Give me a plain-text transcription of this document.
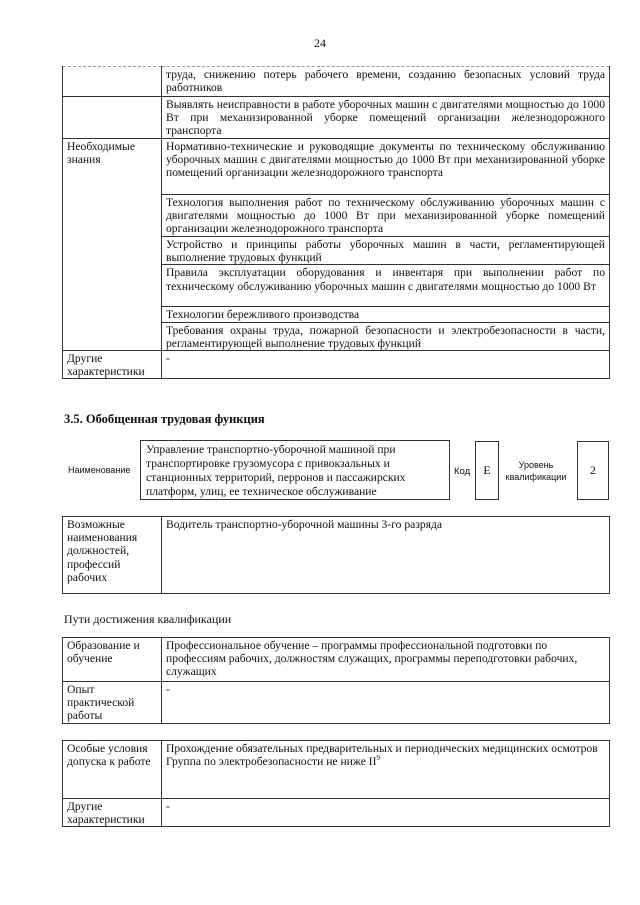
24
	труда, снижению потерь рабочего времени, созданию безопасных условий труда работников
	Выявлять неисправности в работе уборочных машин с двигателями мощностью до 1000 Вт при механизированной уборке помещений организации железнодорожного транспорта
Необходимые знания	Нормативно-технические и руководящие документы по техническому обслуживанию уборочных машин с двигателями мощностью до 1000 Вт при механизированной уборке помещений организации железнодорожного транспорта
	Технология выполнения работ по техническому обслуживанию уборочных машин с двигателями мощностью до 1000 Вт при механизированной уборке помещений организации железнодорожного транспорта
	Устройство и принципы работы уборочных машин в части, регламентирующей выполнение трудовых функций
	Правила эксплуатации оборудования и инвентаря при выполнении работ по техническому обслуживанию уборочных машин с двигателями мощностью до 1000 Вт
	Технологии бережливого производства
	Требования охраны труда, пожарной безопасности и электробезопасности в части, регламентирующей выполнение трудовых функций
Другие характеристики	-
3.5. Обобщенная трудовая функция
Наименование
Управление транспортно-уборочной машиной при транспортировке грузомусора с привокзальных и станционных территорий, перронов и пассажирских платформ, улиц, ее техническое обслуживание
Код	E	Уровень квалификации	2
Возможные наименования должностей, профессий рабочих	Водитель транспортно-уборочной машины 3-го разряда
Пути достижения квалификации
Образование и обучение	Профессиональное обучение – программы профессиональной подготовки по профессиям рабочих, должностям служащих, программы переподготовки рабочих, служащих
Опыт практической работы	-
Особые условия допуска к работе	Прохождение обязательных предварительных и периодических медицинских осмотров
Группа по электробезопасности не ниже $II^9$

Другие характеристики	-
